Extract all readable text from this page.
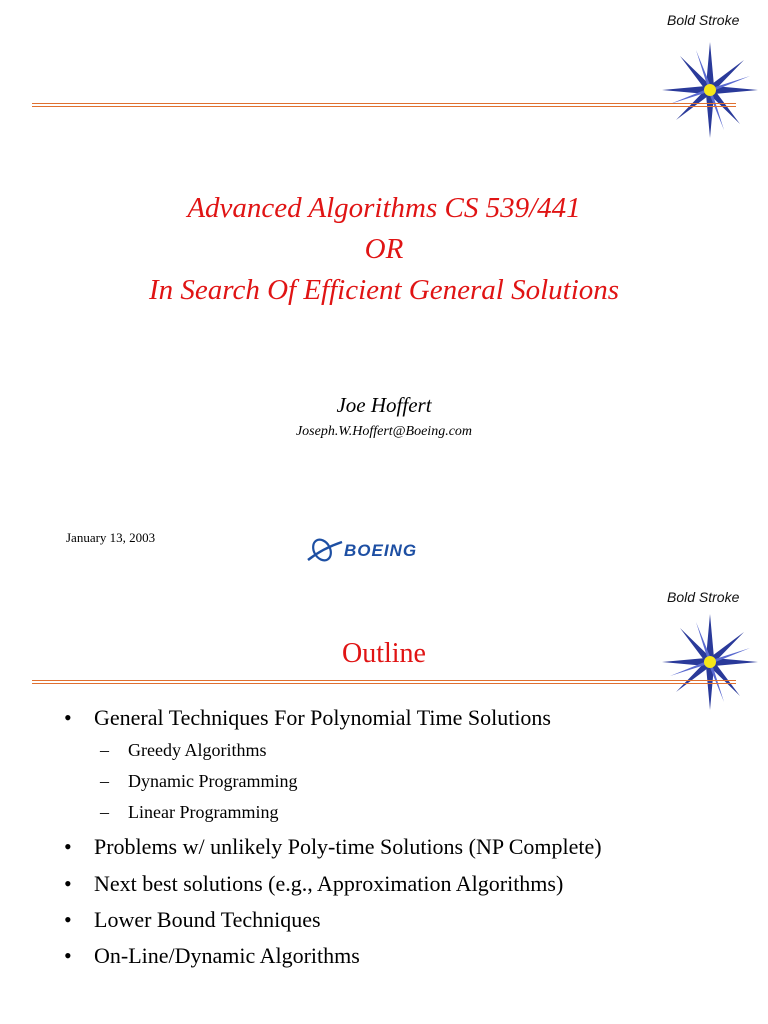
Bold Stroke
Advanced Algorithms CS 539/441
OR
In Search Of Efficient General Solutions
Joe Hoffert
Joseph.W.Hoffert@Boeing.com
January 13, 2003
BOEING
Bold Stroke
Outline
• General Techniques For Polynomial Time Solutions
– Greedy Algorithms
– Dynamic Programming
– Linear Programming
• Problems w/ unlikely Poly-time Solutions (NP Complete)
• Next best solutions (e.g., Approximation Algorithms)
• Lower Bound Techniques
• On-Line/Dynamic Algorithms
